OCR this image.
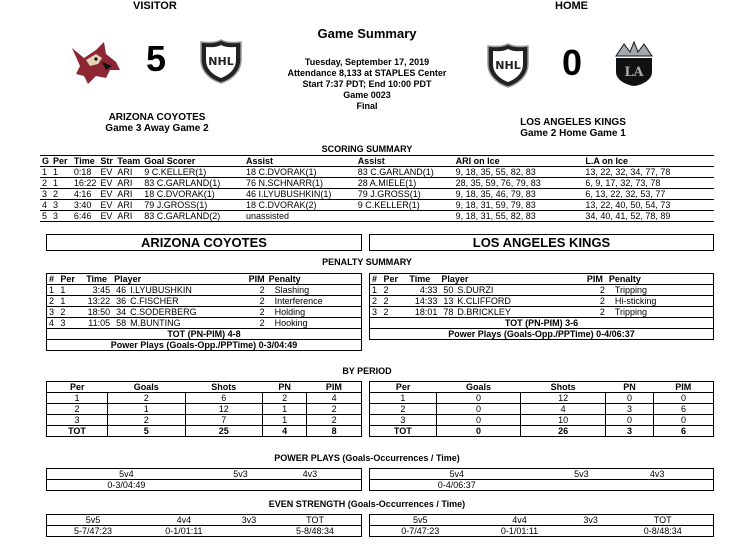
VISITOR	HOME
Game Summary
Tuesday, September 17, 2019
Attendance 8,133 at STAPLES Center
Start 7:37 PDT; End 10:00 PDT
Game 0023
Final
5	NHL	NHL 0	LA
ARIZONA COYOTES
Game 3 Away Game 2
LOS ANGELES KINGS
Game 2 Home Game 1
SCORING SUMMARY
G	Per	Time	Str	Team	Goal Scorer	Assist	Assist	ARI on Ice	L.A on Ice
1	1	0:18	EV	ARI	9 C.KELLER(1)	18 C.DVORAK(1)	83 C.GARLAND(1)	9, 18, 35, 55, 82, 83	13, 22, 32, 34, 77, 78
2	1	16:22	EV	ARI	83 C.GARLAND(1)	76 N.SCHNARR(1)	28 A.MIELE(1)	28, 35, 59, 76, 79, 83	6, 9, 17, 32, 73, 78
3	2	4:16	EV	ARI	18 C.DVORAK(1)	46 I.LYUBUSHKIN(1)	79 J.GROSS(1)	9, 18, 35, 46, 79, 83	6, 13, 22, 32, 53, 77
4	3	3:40	EV	ARI	79 J.GROSS(1)	18 C.DVORAK(2)	9 C.KELLER(1)	9, 18, 31, 59, 79, 83	13, 22, 40, 50, 54, 73
5	3	6:46	EV	ARI	83 C.GARLAND(2)	unassisted		9, 18, 31, 55, 82, 83	34, 40, 41, 52, 78, 89
ARIZONA COYOTES	LOS ANGELES KINGS
PENALTY SUMMARY
#	Per	Time	Player		PIM	Penalty
1	1	3:45	46	I.LYUBUSHKIN	2	Slashing
2	1	13:22	36	C.FISCHER	2	Interference
3	2	18:50	34	C.SODERBERG	2	Holding
4	3	11:05	58	M.BUNTING	2	Hooking
TOT (PN-PIM) 4-8						
Power Plays (Goals-Opp./PPTime) 0-3/04:49						
#	Per	Time	Player		PIM	Penalty
1	2	4:33	50	S.DURZI	2	Tripping
2	2	14:33	13	K.CLIFFORD	2	Hi-sticking
3	2	18:01	78	D.BRICKLEY	2	Tripping
TOT (PN-PIM) 3-6						
Power Plays (Goals-Opp./PPTime) 0-4/06:37						
BY PERIOD
Per	Goals	Shots	PN	PIM
1	2	6	2	4
2	1	12	1	2
3	2	7	1	2
TOT	5	25	4	8
Per	Goals	Shots	PN	PIM
1	0	12	0	0
2	0	4	3	6
3	0	10	0	0
TOT	0	26	3	6
POWER PLAYS (Goals-Occurrences / Time)
5v4	5v3	4v3	
0-3/04:49			
5v4	5v3	4v3	
0-4/06:37			
EVEN STRENGTH (Goals-Occurrences / Time)
5v5	4v4	3v3	TOT
5-7/47:23	0-1/01:11		5-8/48:34
5v5	4v4	3v3	TOT
0-7/47:23	0-1/01:11		0-8/48:34
